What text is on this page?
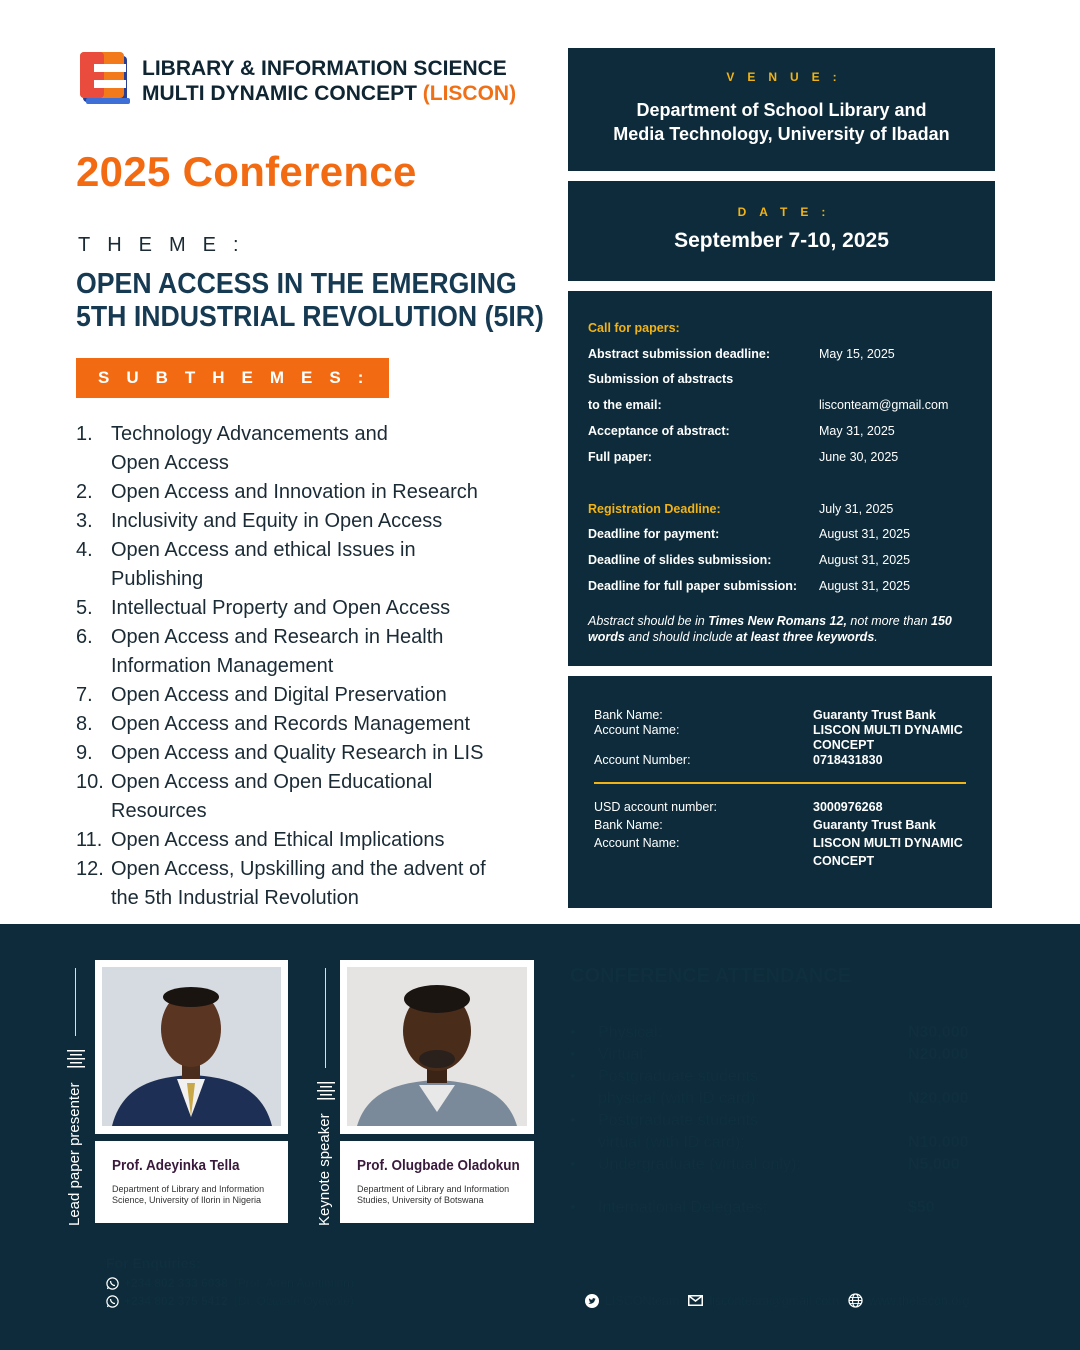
LIBRARY & INFORMATION SCIENCE
MULTI DYNAMIC CONCEPT (LISCON)
2025 Conference
THEME:
OPEN ACCESS IN THE EMERGING
5TH INDUSTRIAL REVOLUTION (5IR)
SUBTHEMES:
1. Technology Advancements and
Open Access
2. Open Access and Innovation in Research
3. Inclusivity and Equity in Open Access
4. Open Access and ethical Issues in
Publishing
5. Intellectual Property and Open Access
6. Open Access and Research in Health
Information Management
7. Open Access and Digital Preservation
8. Open Access and Records Management
9. Open Access and Quality Research in LIS
10. Open Access and Open Educational
Resources
11. Open Access and Ethical Implications
12. Open Access, Upskilling and the advent of
the 5th Industrial Revolution
VENUE:
Department of School Library and
Media Technology, University of Ibadan
DATE:
September 7-10, 2025
Call for papers:
Abstract submission deadline:	May 15, 2025
Submission of abstracts
to the email:	lisconteam@gmail.com
Acceptance of abstract:	May 31, 2025
Full paper:	June 30, 2025
Registration Deadline:	July 31, 2025
Deadline for payment:	August 31, 2025
Deadline of slides submission:	August 31, 2025
Deadline for full paper submission:	August 31, 2025
Abstract should be in Times New Romans 12, not more than 150 words and should include at least three keywords.
Bank Name:	Guaranty Trust Bank
Account Name:	LISCON MULTI DYNAMIC CONCEPT
Account Number:	0718431830
USD account number:	3000976268
Bank Name:	Guaranty Trust Bank
Account Name:	LISCON MULTI DYNAMIC CONCEPT
Lead paper presenter Prof. Adeyinka Tella
Department of Library and Information Science, University of Ilorin in Nigeria	Keynote speaker Prof. Olugbade Oladokun
Department of Library and Information Studies, University of Botswana
CONFERENCE ATTENDANCE
•	Physical:	N30,000
•	Virtual:	N20,000
•	Postgraduate students
physical (with ID card):	N20,000
•	Postgraduate students
virtual (with ID card):	N10,000
•	Undergraduate (virtual only):	N5,000
•	International Delegates:	$50
For Enquiries:
+234 802 333 6038 (Prof. Airen Adetimirin)
+234 802 375 5412 (Dr. Olawale Oyewole)	LISCONteam lisconteam@gmail.com www.theliscon.org
